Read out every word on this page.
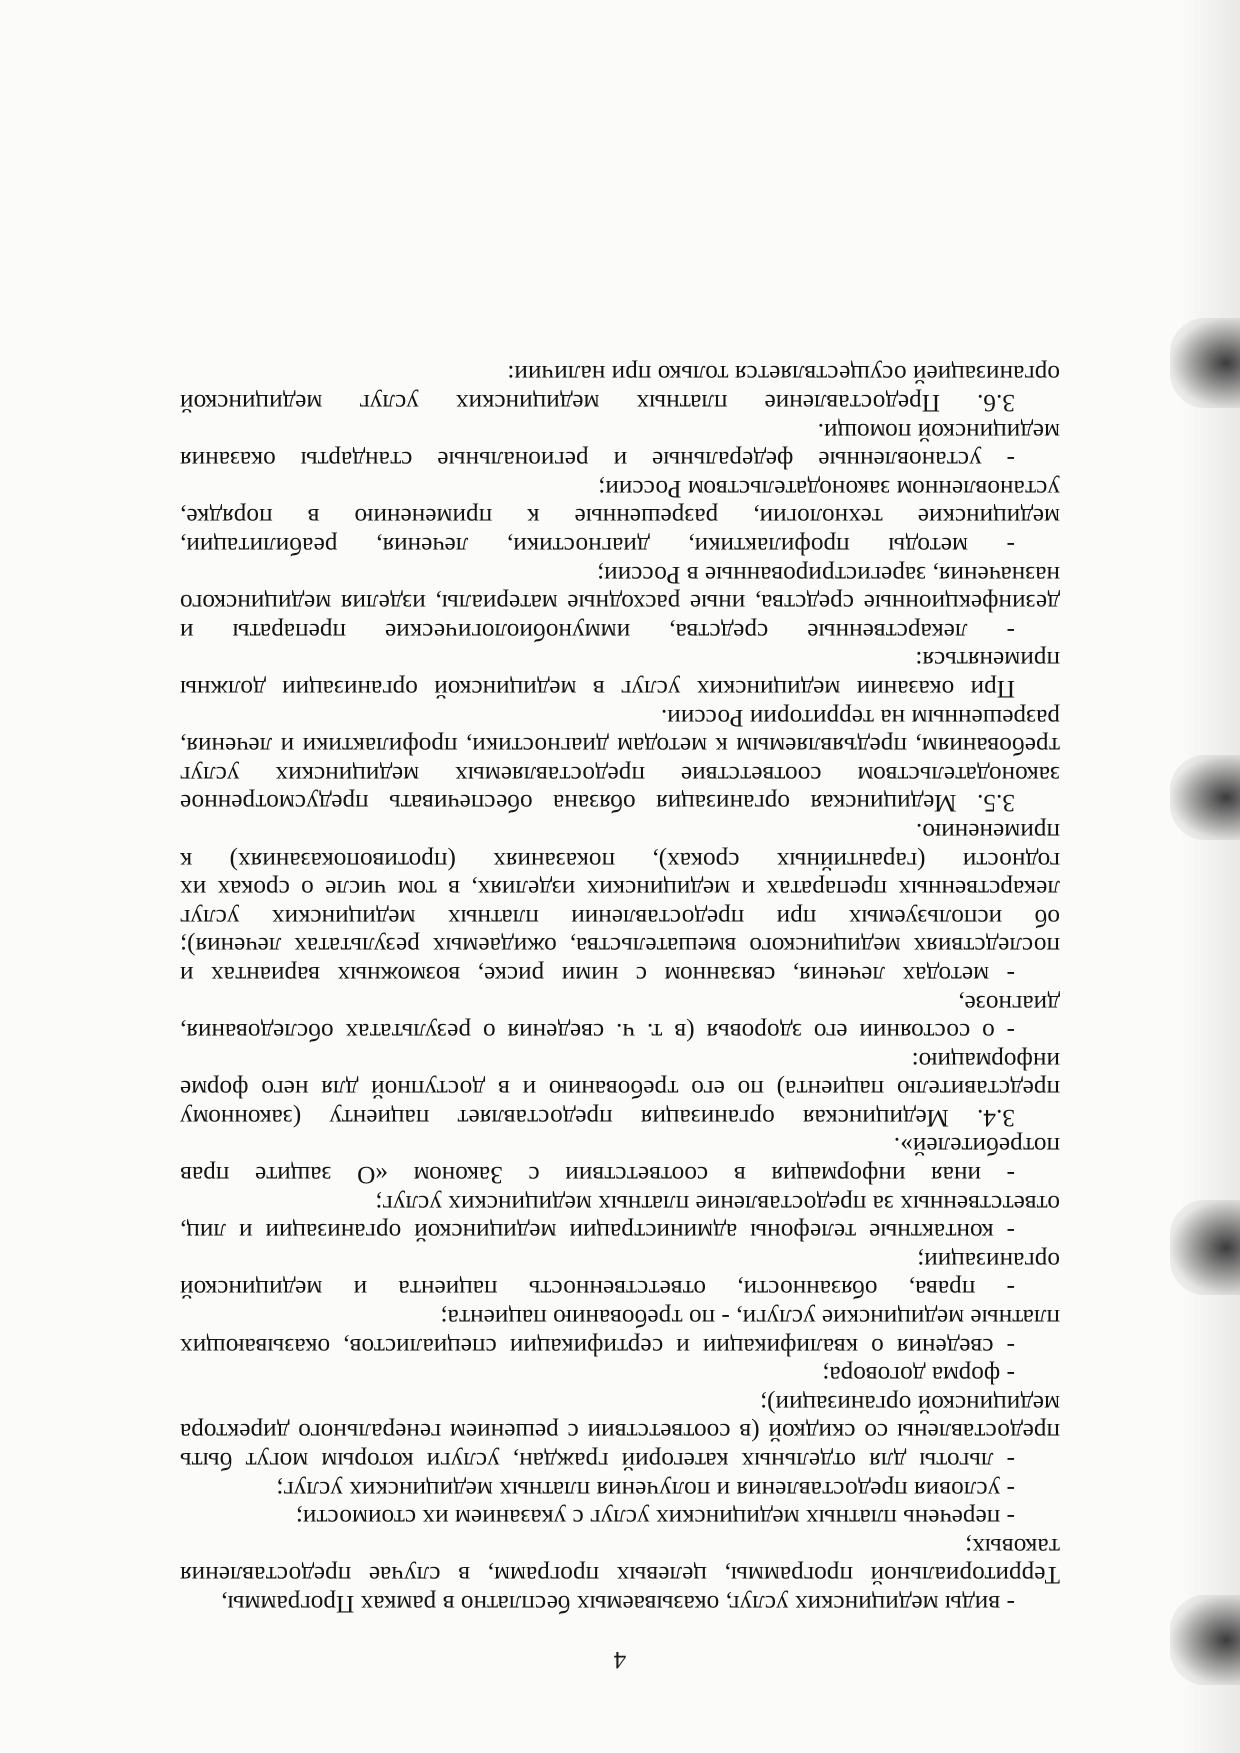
4
- виды медицинских услуг, оказываемых бесплатно в рамках Программы,
Территориальной программы, целевых программ, в случае предоставления
таковых;
- перечень платных медицинских услуг с указанием их стоимости;
- условия предоставления и получения платных медицинских услуг;
- льготы для отдельных категорий граждан, услуги которым могут быть
предоставлены со скидкой (в соответствии с решением генерального директора
медицинской организации);
- форма договора;
- сведения о квалификации и сертификации специалистов, оказывающих
платные медицинские услуги, - по требованию пациента;
- права, обязанности, ответственность пациента и медицинской
организации;
- контактные телефоны администрации медицинской организации и лиц,
ответственных за предоставление платных медицинских услуг;
- иная информация в соответствии с Законом «О защите прав
потребителей».
3.4. Медицинская организация предоставляет пациенту (законному
представителю пациента) по его требованию и в доступной для него форме
информацию:
- о состоянии его здоровья (в т. ч. сведения о результатах обследования,
диагнозе,
- методах лечения, связанном с ними риске, возможных вариантах и
последствиях медицинского вмешательства, ожидаемых результатах лечения);
об используемых при предоставлении платных медицинских услуг
лекарственных препаратах и медицинских изделиях, в том числе о сроках их
годности (гарантийных сроках), показаниях (противопоказаниях) к
применению.
3.5. Медицинская организация обязана обеспечивать предусмотренное
законодательством соответствие предоставляемых медицинских услуг
требованиям, предъявляемым к методам диагностики, профилактики и лечения,
разрешенным на территории России.
При оказании медицинских услуг в медицинской организации должны
применяться:
- лекарственные средства, иммунобиологические препараты и
дезинфекционные средства, иные расходные материалы, изделия медицинского
назначения, зарегистрированные в России;
- методы профилактики, диагностики, лечения, реабилитации,
медицинские технологии, разрешенные к применению в порядке,
установленном законодательством России;
- установленные федеральные и региональные стандарты оказания
медицинской помощи.
3.6. Предоставление платных медицинских услуг медицинской
организацией осуществляется только при наличии:
